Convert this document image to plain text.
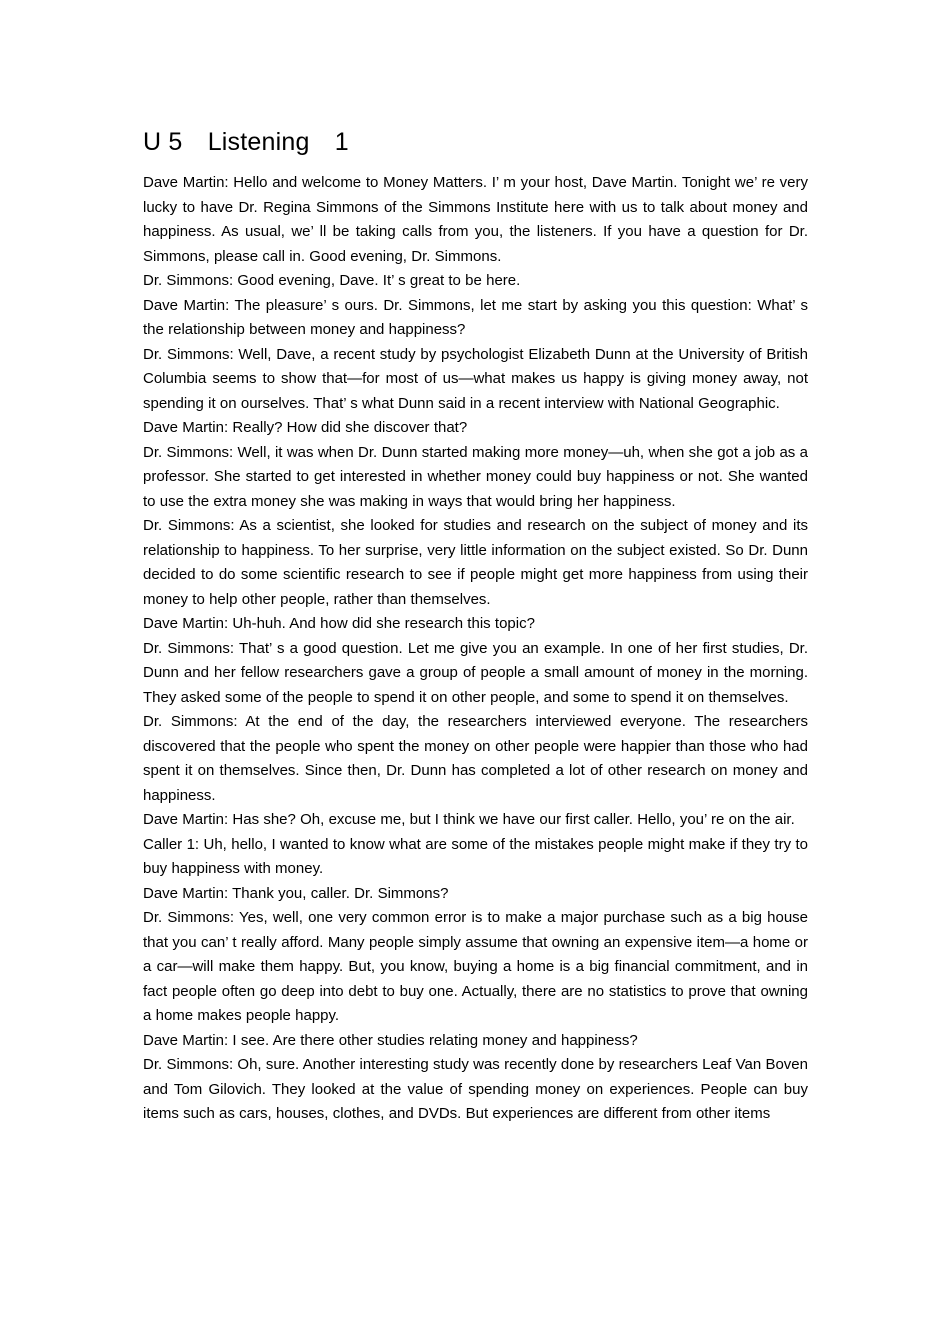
U 5　Listening　1

Dave Martin: Hello and welcome to Money Matters. I’ m your host, Dave Martin. Tonight we’ re very lucky to have Dr. Regina Simmons of the Simmons Institute here with us to talk about money and happiness. As usual, we’ ll be taking calls from you, the listeners. If you have a question for Dr. Simmons, please call in. Good evening, Dr. Simmons.

Dr. Simmons: Good evening, Dave. It’ s great to be here.

Dave Martin: The pleasure’ s ours. Dr. Simmons, let me start by asking you this question: What’ s the relationship between money and happiness?

Dr. Simmons: Well, Dave, a recent study by psychologist Elizabeth Dunn at the University of British Columbia seems to show that—for most of us—what makes us happy is giving money away, not spending it on ourselves. That’ s what Dunn said in a recent interview with National Geographic.

Dave Martin: Really? How did she discover that?

Dr. Simmons: Well, it was when Dr. Dunn started making more money—uh, when she got a job as a professor. She started to get interested in whether money could buy happiness or not. She wanted to use the extra money she was making in ways that would bring her happiness.

Dr. Simmons: As a scientist, she looked for studies and research on the subject of money and its relationship to happiness. To her surprise, very little information on the subject existed. So Dr. Dunn decided to do some scientific research to see if people might get more happiness from using their money to help other people, rather than themselves.

Dave Martin: Uh-huh. And how did she research this topic?

Dr. Simmons: That’ s a good question. Let me give you an example. In one of her first studies, Dr. Dunn and her fellow researchers gave a group of people a small amount of money in the morning. They asked some of the people to spend it on other people, and some to spend it on themselves.

Dr. Simmons: At the end of the day, the researchers interviewed everyone. The researchers discovered that the people who spent the money on other people were happier than those who had spent it on themselves. Since then, Dr. Dunn has completed a lot of other research on money and happiness.

Dave Martin: Has she? Oh, excuse me, but I think we have our first caller. Hello, you’ re on the air.

Caller 1: Uh, hello, I wanted to know what are some of the mistakes people might make if they try to buy happiness with money.

Dave Martin: Thank you, caller. Dr. Simmons?

Dr. Simmons: Yes, well, one very common error is to make a major purchase such as a big house that you can’ t really afford. Many people simply assume that owning an expensive item—a home or a car—will make them happy. But, you know, buying a home is a big financial commitment, and in fact people often go deep into debt to buy one. Actually, there are no statistics to prove that owning a home makes people happy.

Dave Martin: I see. Are there other studies relating money and happiness?

Dr. Simmons: Oh, sure. Another interesting study was recently done by researchers Leaf Van Boven and Tom Gilovich. They looked at the value of spending money on experiences. People can buy items such as cars, houses, clothes, and DVDs. But experiences are different from other items
